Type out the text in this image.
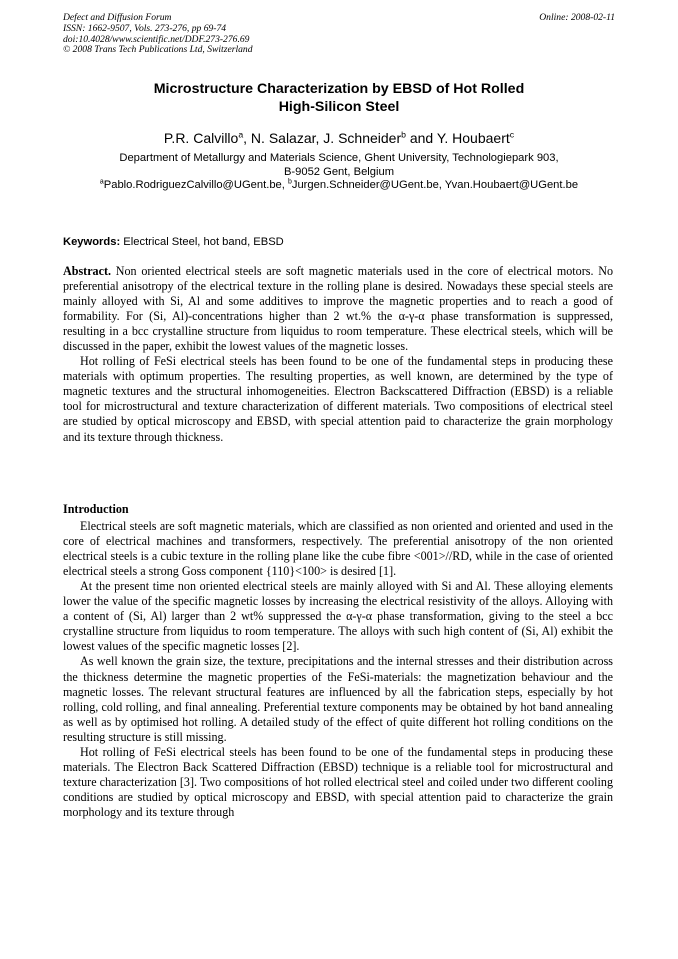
Defect and Diffusion Forum
ISSN: 1662-9507, Vols. 273-276, pp 69-74
doi:10.4028/www.scientific.net/DDF.273-276.69
© 2008 Trans Tech Publications Ltd, Switzerland
Online: 2008-02-11
Microstructure Characterization by EBSD of Hot Rolled
High-Silicon Steel
P.R. Calvillo$^a$, N. Salazar, J. Schneider$^b$ and Y. Houbaert$^c$
Department of Metallurgy and Materials Science, Ghent University, Technologiepark 903,
B-9052 Gent, Belgium
$^a$Pablo.RodriguezCalvillo@UGent.be, $^b$Jurgen.Schneider@UGent.be, Yvan.Houbaert@UGent.be
Keywords: Electrical Steel, hot band, EBSD

Abstract. Non oriented electrical steels are soft magnetic materials used in the core of electrical motors. No preferential anisotropy of the electrical texture in the rolling plane is desired. Nowadays these special steels are mainly alloyed with Si, Al and some additives to improve the magnetic properties and to reach a good of formability. For (Si, Al)-concentrations higher than 2 wt.% the α-γ-α phase transformation is suppressed, resulting in a bcc crystalline structure from liquidus to room temperature. These electrical steels, which will be discussed in the paper, exhibit the lowest values of the magnetic losses.

Hot rolling of FeSi electrical steels has been found to be one of the fundamental steps in producing these materials with optimum properties. The resulting properties, as well known, are determined by the type of magnetic textures and the structural inhomogeneities. Electron Backscattered Diffraction (EBSD) is a reliable tool for microstructural and texture characterization of different materials. Two compositions of electrical steel are studied by optical microscopy and EBSD, with special attention paid to characterize the grain morphology and its texture through thickness.

Introduction

Electrical steels are soft magnetic materials, which are classified as non oriented and oriented and used in the core of electrical machines and transformers, respectively. The preferential anisotropy of the non oriented electrical steels is a cubic texture in the rolling plane like the cube fibre <001>//RD, while in the case of oriented electrical steels a strong Goss component {110}<100> is desired [1].

At the present time non oriented electrical steels are mainly alloyed with Si and Al. These alloying elements lower the value of the specific magnetic losses by increasing the electrical resistivity of the alloys. Alloying with a content of (Si, Al) larger than 2 wt% suppressed the α-γ-α phase transformation, giving to the steel a bcc crystalline structure from liquidus to room temperature. The alloys with such high content of (Si, Al) exhibit the lowest values of the specific magnetic losses [2].

As well known the grain size, the texture, precipitations and the internal stresses and their distribution across the thickness determine the magnetic properties of the FeSi-materials: the magnetization behaviour and the magnetic losses. The relevant structural features are influenced by all the fabrication steps, especially by hot rolling, cold rolling, and final annealing. Preferential texture components may be obtained by hot band annealing as well as by optimised hot rolling. A detailed study of the effect of quite different hot rolling conditions on the resulting structure is still missing.

Hot rolling of FeSi electrical steels has been found to be one of the fundamental steps in producing these materials. The Electron Back Scattered Diffraction (EBSD) technique is a reliable tool for microstructural and texture characterization [3]. Two compositions of hot rolled electrical steel and coiled under two different cooling conditions are studied by optical microscopy and EBSD, with special attention paid to characterize the grain morphology and its texture through
